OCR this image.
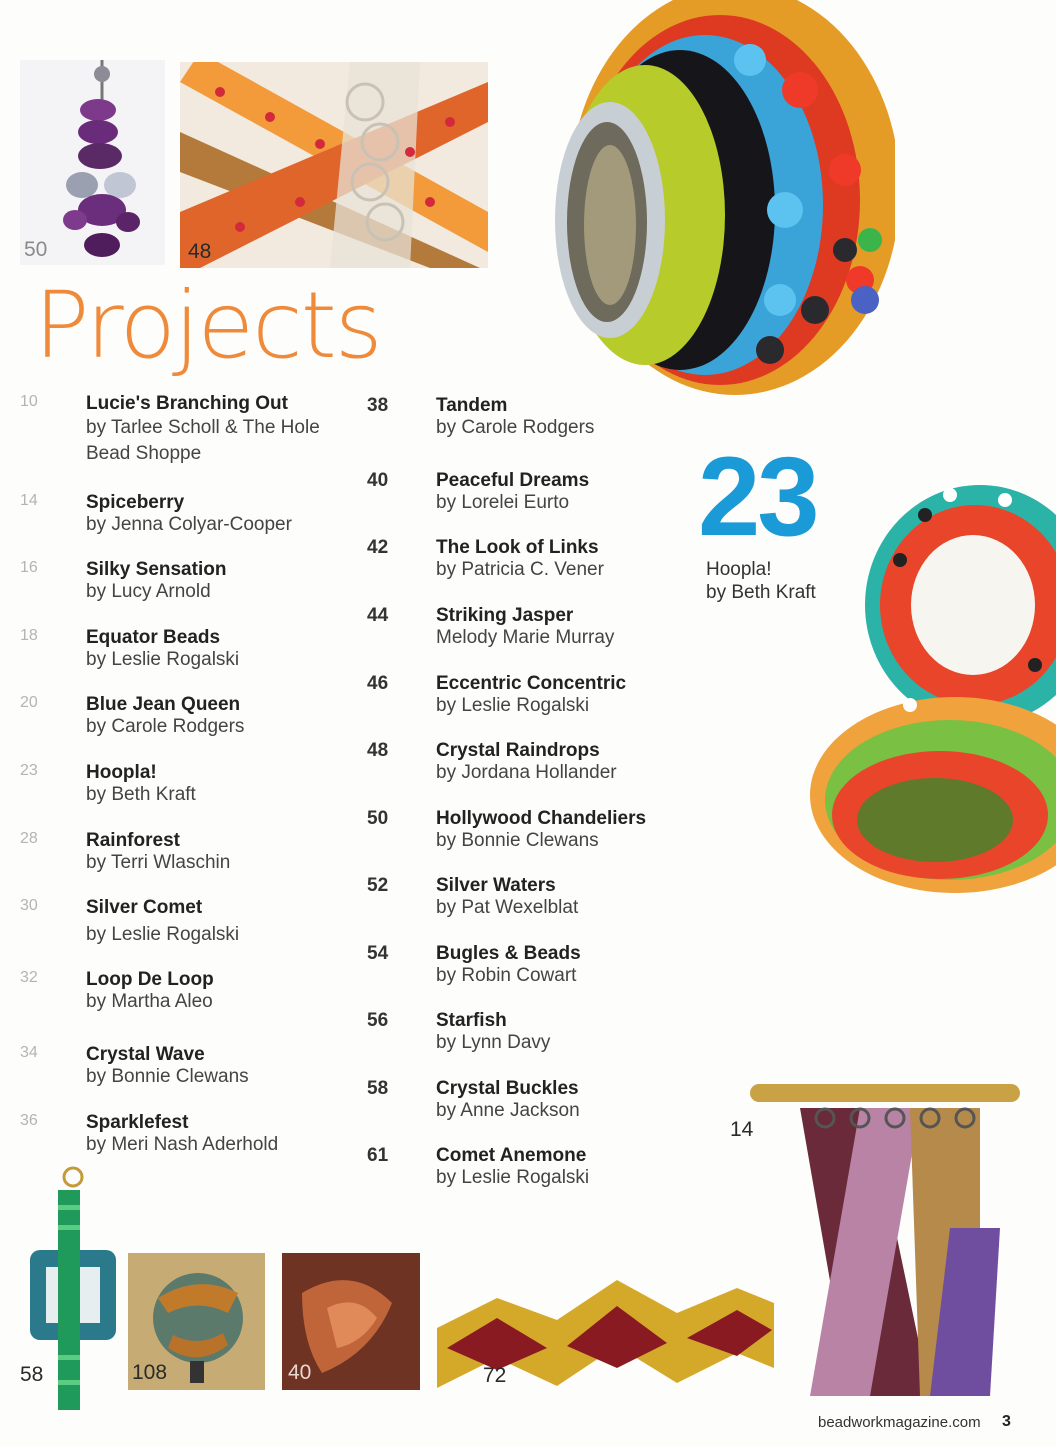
50	48
Projects
10	Lucie's Branching Out
by Tarlee Scholl & The Hole Bead Shoppe
14	Spiceberry
by Jenna Colyar-Cooper
16	Silky Sensation
by Lucy Arnold
18	Equator Beads
by Leslie Rogalski
20	Blue Jean Queen
by Carole Rodgers
23	Hoopla!
by Beth Kraft
28	Rainforest
by Terri Wlaschin
30	Silver Comet
by Leslie Rogalski
32	Loop De Loop
by Martha Aleo
34	Crystal Wave
by Bonnie Clewans
36	Sparklefest
by Meri Nash Aderhold
38	Tandem
by Carole Rodgers
40	Peaceful Dreams
by Lorelei Eurto
42	The Look of Links
by Patricia C. Vener
44	Striking Jasper
Melody Marie Murray
46	Eccentric Concentric
by Leslie Rogalski
48	Crystal Raindrops
by Jordana Hollander
50	Hollywood Chandeliers
by Bonnie Clewans
52	Silver Waters
by Pat Wexelblat
54	Bugles & Beads
by Robin Cowart
56	Starfish
by Lynn Davy
58	Crystal Buckles
by Anne Jackson
61	Comet Anemone
by Leslie Rogalski
23
Hoopla!
by Beth Kraft
58	108	40	72
14
beadworkmagazine.com 3
